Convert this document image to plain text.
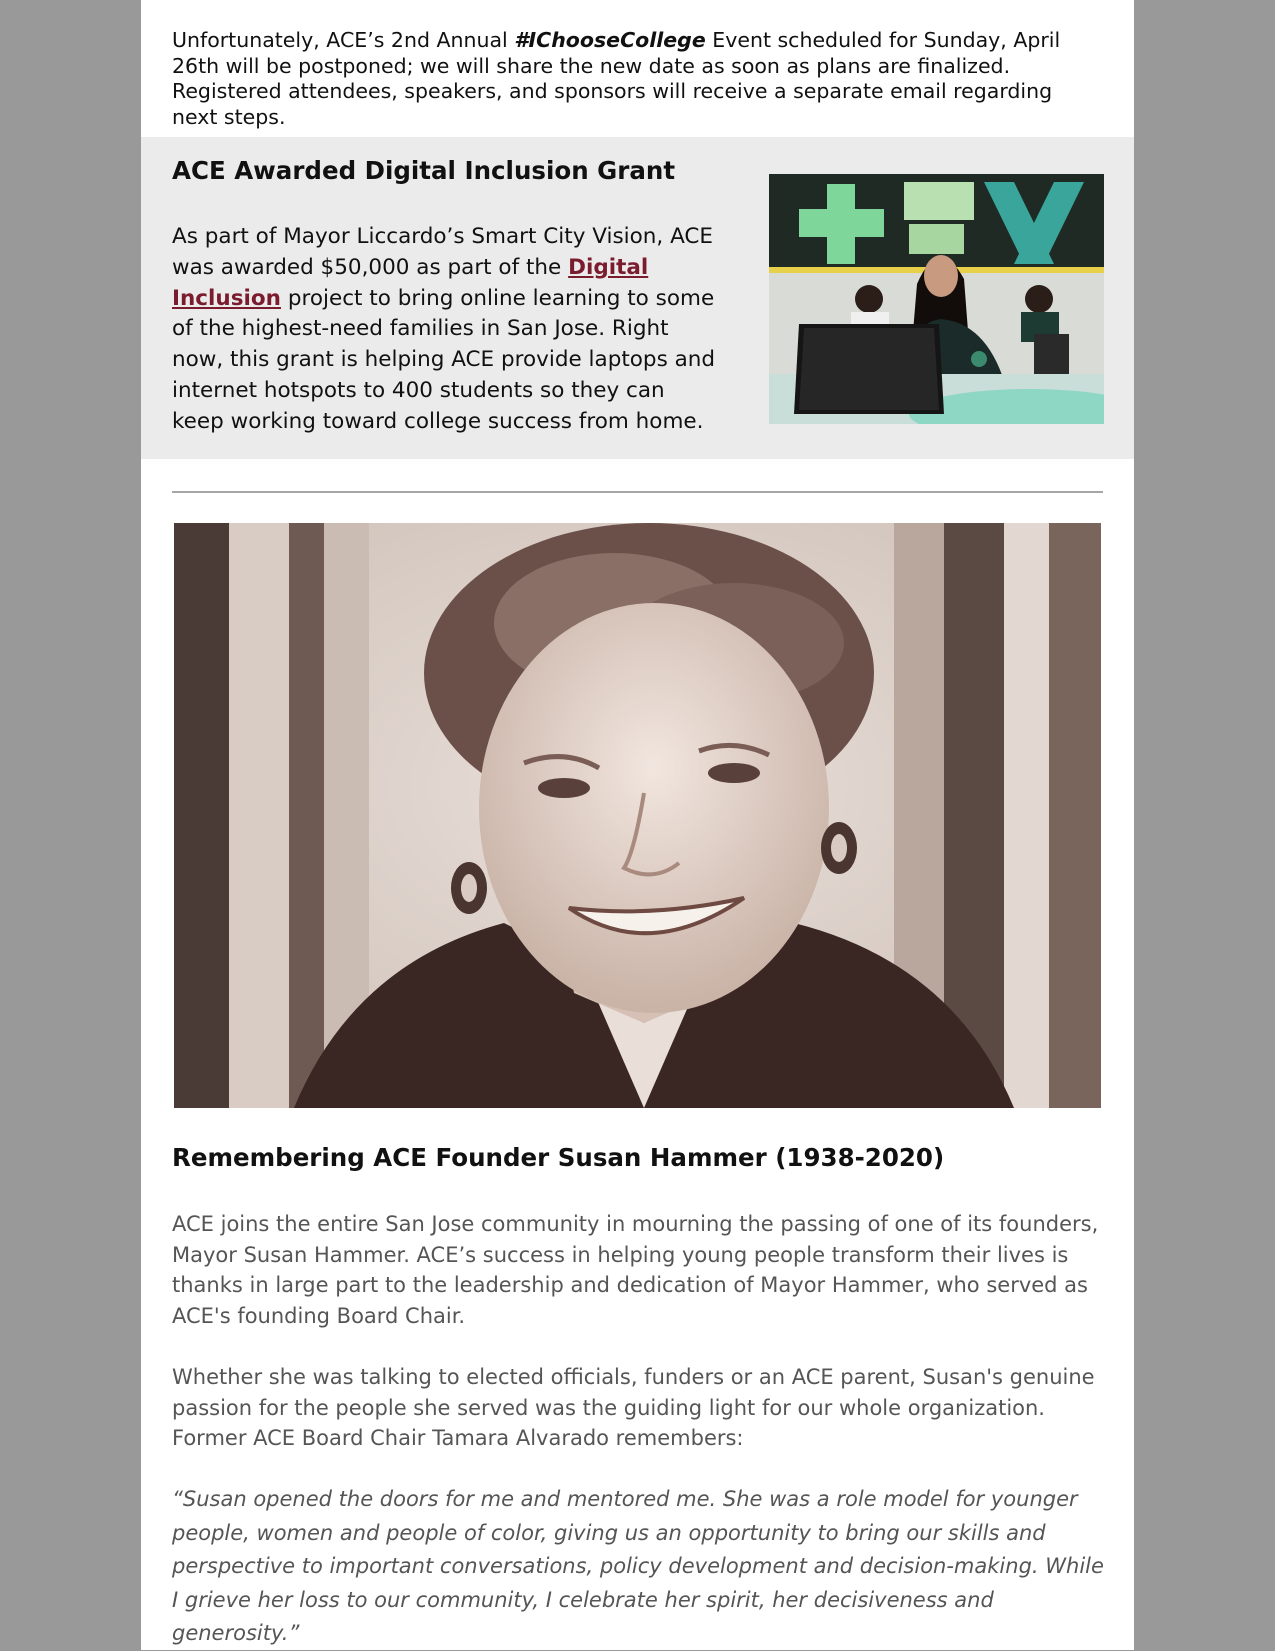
Unfortunately, ACE’s 2nd Annual #IChooseCollege Event scheduled for Sunday, April 26th will be postponed; we will share the new date as soon as plans are finalized. Registered attendees, speakers, and sponsors will receive a separate email regarding next steps.

ACE Awarded Digital Inclusion Grant

As part of Mayor Liccardo’s Smart City Vision, ACE was awarded $50,000 as part of the Digital Inclusion project to bring online learning to some of the highest-need families in San Jose. Right now, this grant is helping ACE provide laptops and internet hotspots to 400 students so they can keep working toward college success from home.

Remembering ACE Founder Susan Hammer (1938-2020)

ACE joins the entire San Jose community in mourning the passing of one of its founders, Mayor Susan Hammer. ACE’s success in helping young people transform their lives is thanks in large part to the leadership and dedication of Mayor Hammer, who served as ACE's founding Board Chair.

Whether she was talking to elected officials, funders or an ACE parent, Susan's genuine passion for the people she served was the guiding light for our whole organization. Former ACE Board Chair Tamara Alvarado remembers:

“Susan opened the doors for me and mentored me. She was a role model for younger people, women and people of color, giving us an opportunity to bring our skills and perspective to important conversations, policy development and decision-making. While I grieve her loss to our community, I celebrate her spirit, her decisiveness and generosity.”
